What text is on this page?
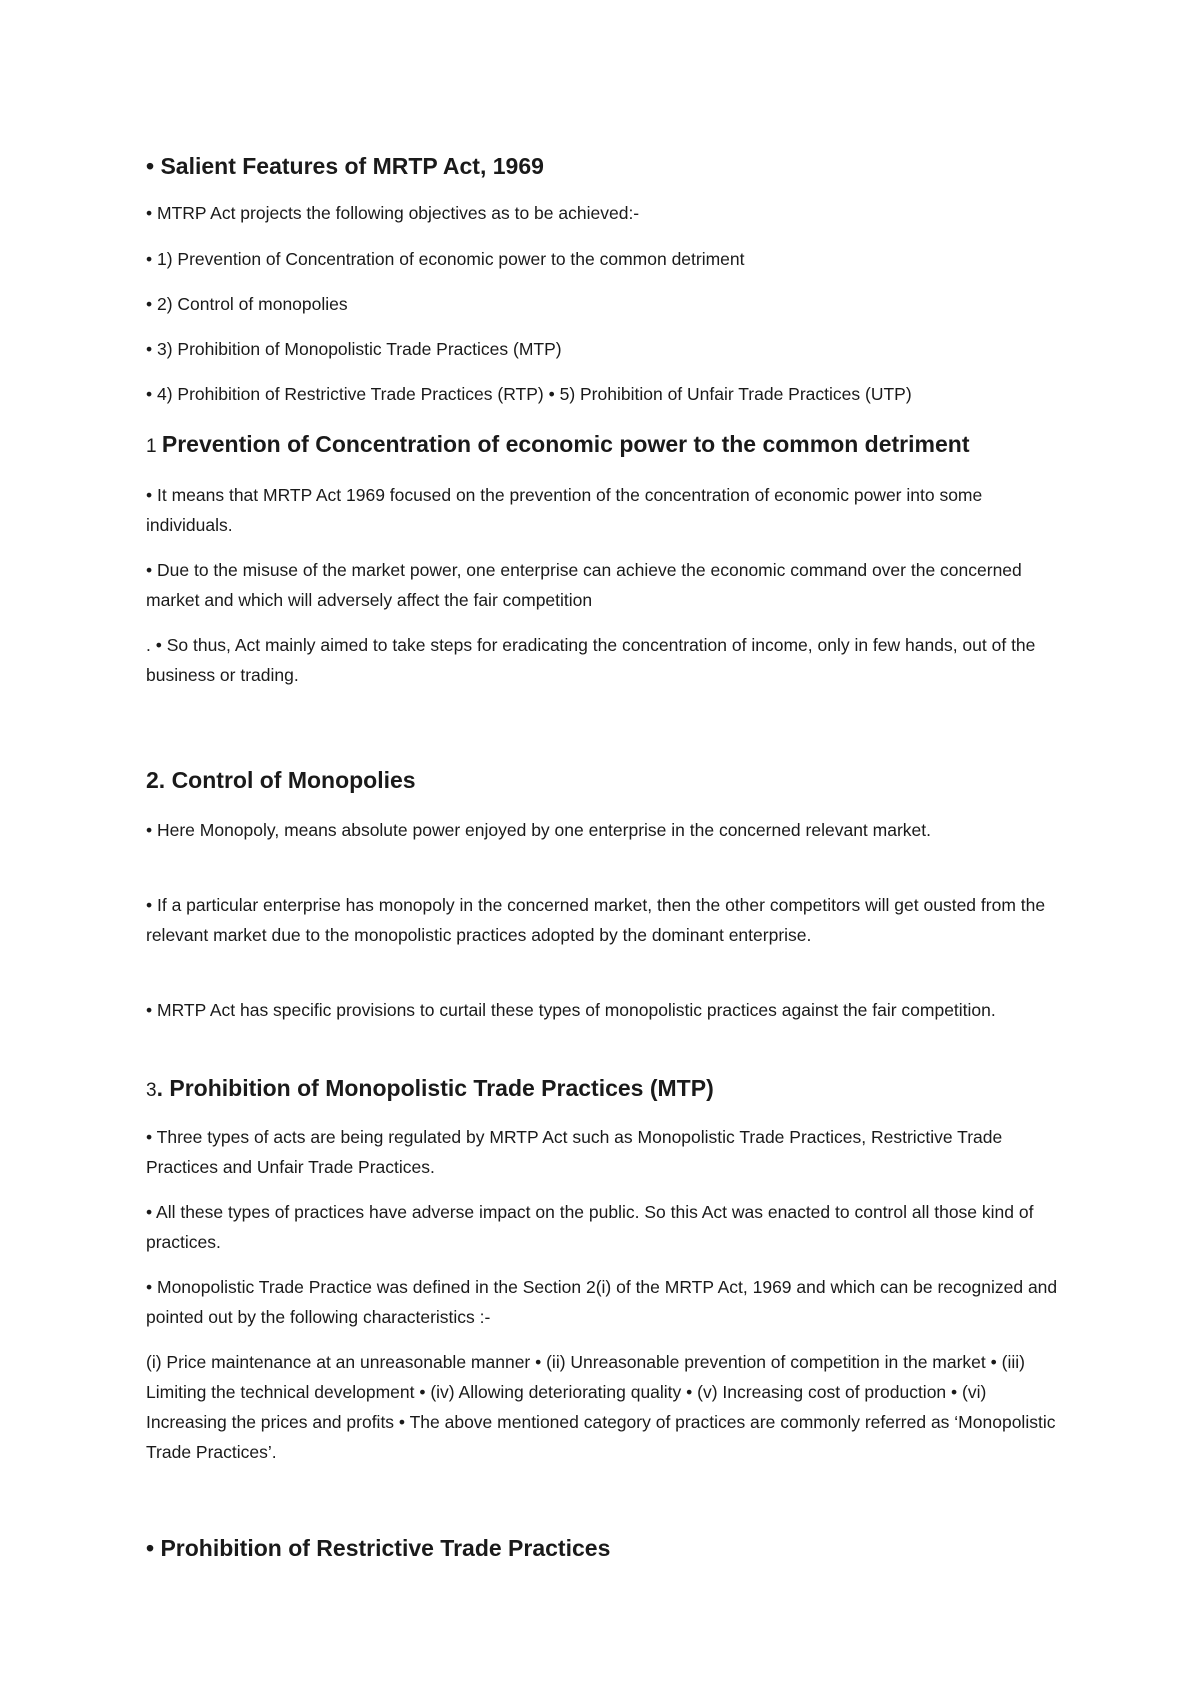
• Salient Features of MRTP Act, 1969

• MTRP Act projects the following objectives as to be achieved:-

• 1) Prevention of Concentration of economic power to the common detriment

• 2) Control of monopolies

• 3) Prohibition of Monopolistic Trade Practices (MTP)

• 4) Prohibition of Restrictive Trade Practices (RTP) • 5) Prohibition of Unfair Trade Practices (UTP)

1 Prevention of Concentration of economic power to the common detriment

• It means that MRTP Act 1969 focused on the prevention of the concentration of economic power into some individuals.

• Due to the misuse of the market power, one enterprise can achieve the economic command over the concerned market and which will adversely affect the fair competition

. • So thus, Act mainly aimed to take steps for eradicating the concentration of income, only in few hands, out of the business or trading.

2. Control of Monopolies

• Here Monopoly, means absolute power enjoyed by one enterprise in the concerned relevant market.

• If a particular enterprise has monopoly in the concerned market, then the other competitors will get ousted from the relevant market due to the monopolistic practices adopted by the dominant enterprise.

• MRTP Act has specific provisions to curtail these types of monopolistic practices against the fair competition.

3. Prohibition of Monopolistic Trade Practices (MTP)

• Three types of acts are being regulated by MRTP Act such as Monopolistic Trade Practices, Restrictive Trade Practices and Unfair Trade Practices.

• All these types of practices have adverse impact on the public. So this Act was enacted to control all those kind of practices.

• Monopolistic Trade Practice was defined in the Section 2(i) of the MRTP Act, 1969 and which can be recognized and pointed out by the following characteristics :-

(i) Price maintenance at an unreasonable manner • (ii) Unreasonable prevention of competition in the market • (iii) Limiting the technical development • (iv) Allowing deteriorating quality • (v) Increasing cost of production • (vi) Increasing the prices and profits • The above mentioned category of practices are commonly referred as ‘Monopolistic Trade Practices’.

• Prohibition of Restrictive Trade Practices
